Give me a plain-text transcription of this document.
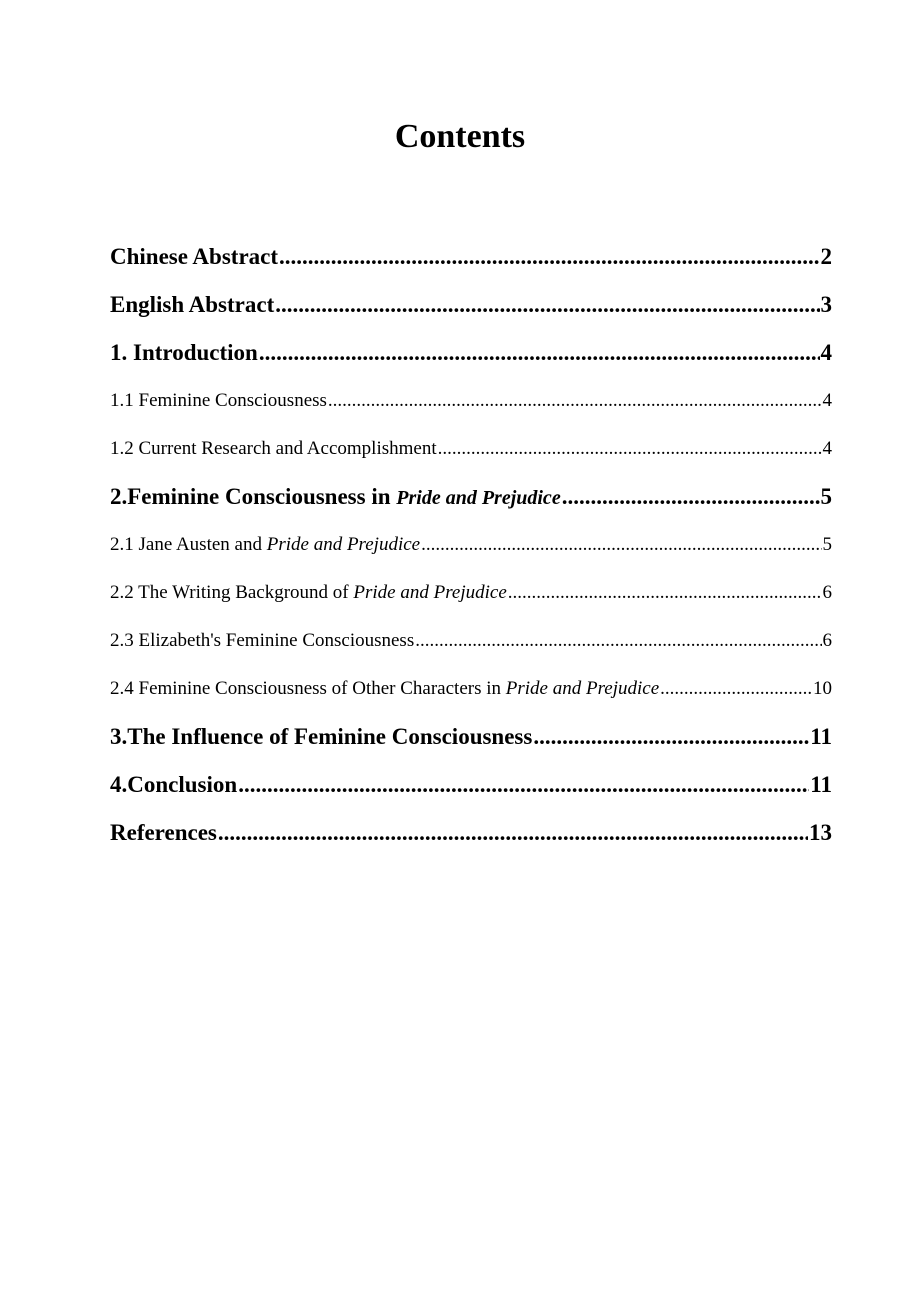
Contents
Chinese Abstract .....	2
English Abstract .....	3
1. Introduction .....	4
1.1 Feminine Consciousness .....	4
1.2 Current Research and Accomplishment .....	4
2.Feminine Consciousness in Pride and Prejudice .....	5
2.1 Jane Austen and Pride and Prejudice .....	5
2.2 The Writing Background of Pride and Prejudice .....	6
2.3 Elizabeth's Feminine Consciousness .....	6
2.4 Feminine Consciousness of Other Characters in Pride and Prejudice .....	10
3.The Influence of Feminine Consciousness .....	11
4.Conclusion .....	11
References .....	13
